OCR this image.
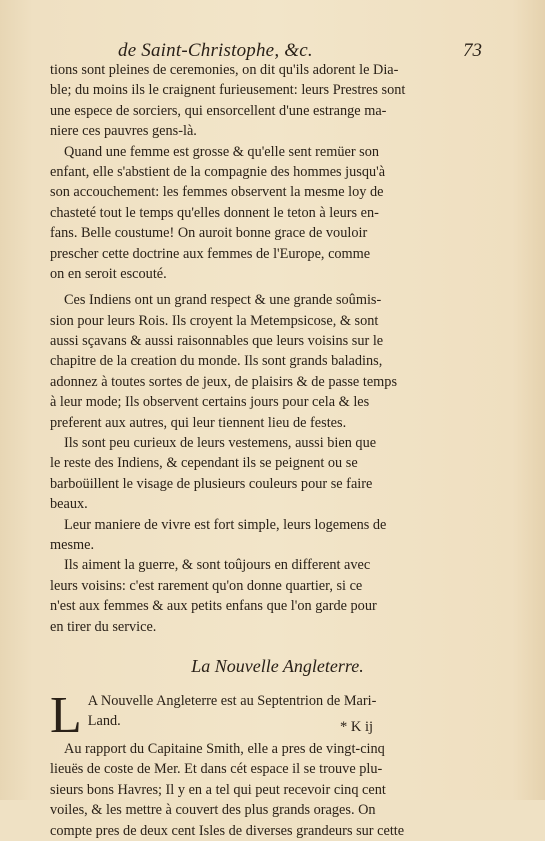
de Saint-Christophe, &c.	73
tions sont pleines de ceremonies, on dit qu'ils adorent le Dia-
ble; du moins ils le craignent furieusement: leurs Prestres sont
une espece de sorciers, qui ensorcellent d'une estrange ma-
niere ces pauvres gens-là.
Quand une femme est grosse & qu'elle sent remüer son
enfant, elle s'abstient de la compagnie des hommes jusqu'à
son accouchement: les femmes observent la mesme loy de
chasteté tout le temps qu'elles donnent le teton à leurs en-
fans. Belle coustume! On auroit bonne grace de vouloir
prescher cette doctrine aux femmes de l'Europe, comme
on en seroit escouté.
Ces Indiens ont un grand respect & une grande soûmis-
sion pour leurs Rois. Ils croyent la Metempsicose, & sont
aussi sçavans & aussi raisonnables que leurs voisins sur le
chapitre de la creation du monde. Ils sont grands baladins,
adonnez à toutes sortes de jeux, de plaisirs & de passe temps
à leur mode; Ils observent certains jours pour cela & les
preferent aux autres, qui leur tiennent lieu de festes.
Ils sont peu curieux de leurs vestemens, aussi bien que
le reste des Indiens, & cependant ils se peignent ou se
barboüillent le visage de plusieurs couleurs pour se faire
beaux.
Leur maniere de vivre est fort simple, leurs logemens de
mesme.
Ils aiment la guerre, & sont toûjours en different avec
leurs voisins: c'est rarement qu'on donne quartier, si ce
n'est aux femmes & aux petits enfans que l'on garde pour
en tirer du service.
La Nouvelle Angleterre.
L A Nouvelle Angleterre est au Septentrion de Mari-
Land.
Au rapport du Capitaine Smith, elle a pres de vingt-cinq
lieuës de coste de Mer. Et dans cét espace il se trouve plu-
sieurs bons Havres; Il y en a tel qui peut recevoir cinq cent
voiles, & les mettre à couvert des plus grands orages. On
compte pres de deux cent Isles de diverses grandeurs sur cette
* K ij
